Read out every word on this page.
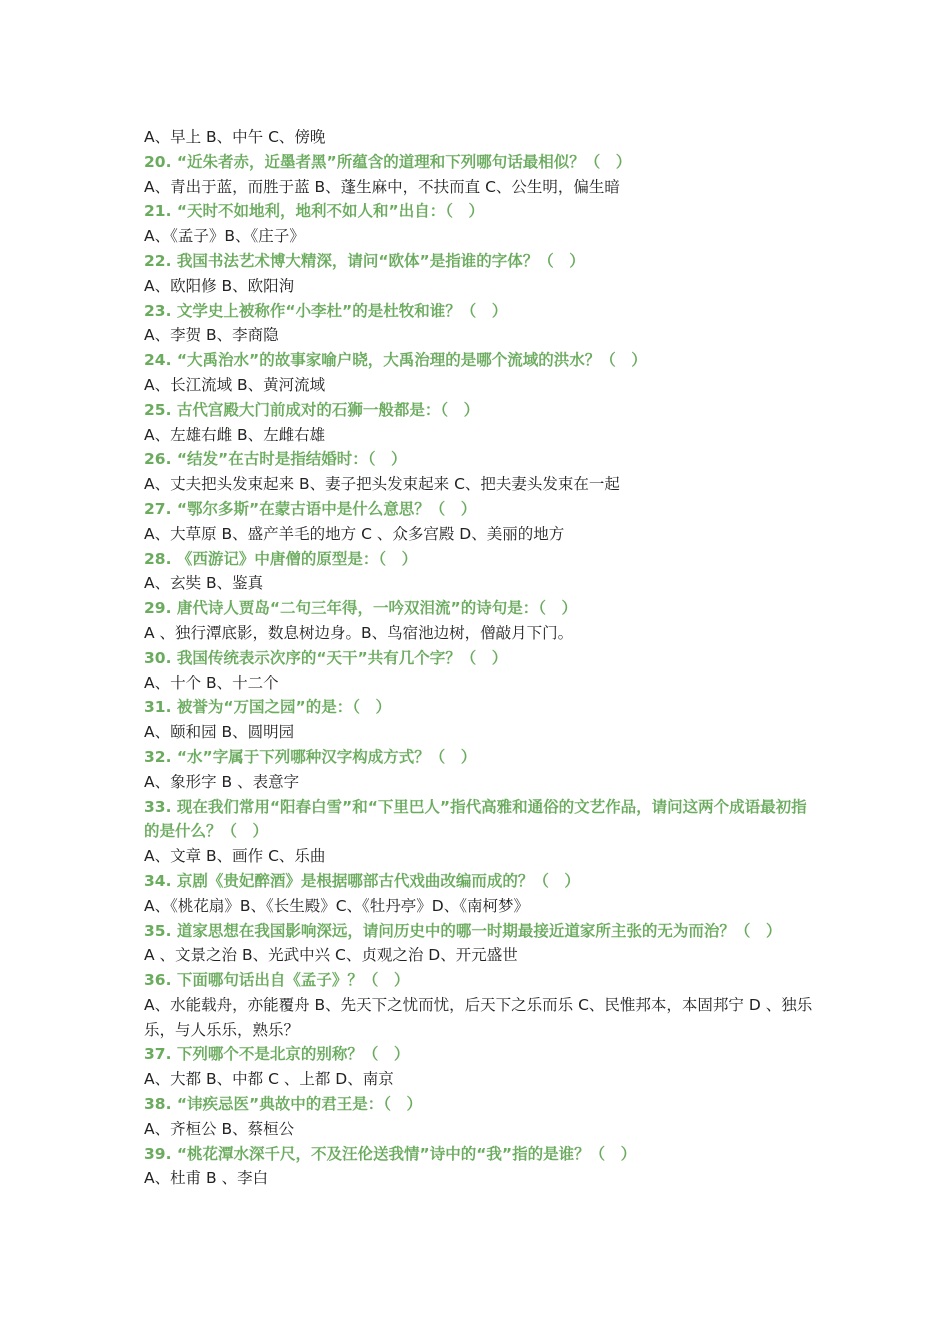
A、早上 B、中午 C、傍晚

20. “近朱者赤，近墨者黑”所蕴含的道理和下列哪句话最相似？（　）

A、青出于蓝，而胜于蓝 B、蓬生麻中，不扶而直 C、公生明，偏生暗

21. “天时不如地利，地利不如人和”出自：（　）

A、《孟子》B、《庄子》

22. 我国书法艺术博大精深，请问“欧体”是指谁的字体？（　）

A、欧阳修 B、欧阳洵

23. 文学史上被称作“小李杜”的是杜牧和谁？（　）

A、李贺 B、李商隐

24. “大禹治水”的故事家喻户晓，大禹治理的是哪个流域的洪水？（　）

A、长江流域 B、黄河流域

25. 古代宫殿大门前成对的石狮一般都是：（　）

A、左雄右雌 B、左雌右雄

26. “结发”在古时是指结婚时：（　）

A、丈夫把头发束起来 B、妻子把头发束起来 C、把夫妻头发束在一起

27. “鄂尔多斯”在蒙古语中是什么意思？（　）

A、大草原 B、盛产羊毛的地方 C 、众多宫殿 D、美丽的地方

28. 《西游记》中唐僧的原型是：（　）

A、玄奘 B、鉴真

29. 唐代诗人贾岛“二句三年得，一吟双泪流”的诗句是：（　）

A 、独行潭底影，数息树边身。B、鸟宿池边树，僧敲月下门。

30. 我国传统表示次序的“天干”共有几个字？（　）

A、十个 B、十二个

31. 被誉为“万国之园”的是：（　）

A、颐和园 B、圆明园

32. “水”字属于下列哪种汉字构成方式？（　）

A、象形字 B 、表意字

33. 现在我们常用“阳春白雪”和“下里巴人”指代高雅和通俗的文艺作品，请问这两个成语最初指的是什么？（　）

A、文章 B、画作 C、乐曲

34. 京剧《贵妃醉酒》是根据哪部古代戏曲改编而成的？（　）

A、《桃花扇》B、《长生殿》C、《牡丹亭》D、《南柯梦》

35. 道家思想在我国影响深远，请问历史中的哪一时期最接近道家所主张的无为而治？（　）

A 、文景之治 B、光武中兴 C、贞观之治 D、开元盛世

36. 下面哪句话出自《孟子》？（　）

A、水能载舟，亦能覆舟 B、先天下之忧而忧，后天下之乐而乐 C、民惟邦本，本固邦宁 D 、独乐乐，与人乐乐，熟乐？

37. 下列哪个不是北京的别称？（　）

A、大都 B、中都 C 、上都 D、南京

38. “讳疾忌医”典故中的君王是：（　）

A、齐桓公 B、蔡桓公

39. “桃花潭水深千尺，不及汪伦送我情”诗中的“我”指的是谁？（　）

A、杜甫 B 、李白
